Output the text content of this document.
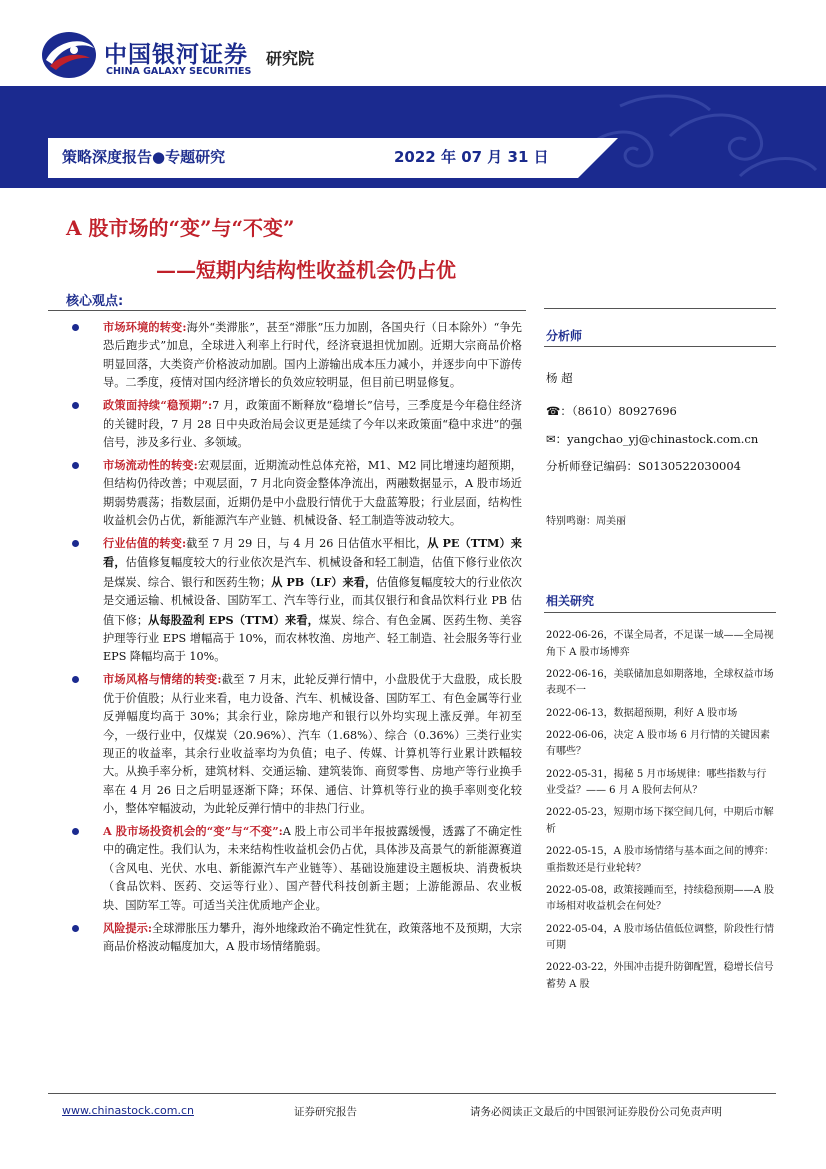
中国银河证券
CHINA GALAXY SECURITIES
研究院
策略深度报告●专题研究	2022 年 07 月 31 日
A 股市场的“变”与“不变”
——短期内结构性收益机会仍占优
核心观点:
市场环境的转变:海外“类滞胀”，甚至“滞胀”压力加剧，各国央行（日本除外）“争先恐后跑步式”加息，全球进入利率上行时代，经济衰退担忧加剧。近期大宗商品价格明显回落，大类资产价格波动加剧。国内上游输出成本压力减小，并逐步向中下游传导。二季度，疫情对国内经济增长的负效应较明显，但目前已明显修复。
政策面持续“稳预期”:7 月，政策面不断释放“稳增长”信号，三季度是今年稳住经济的关键时段，7 月 28 日中央政治局会议更是延续了今年以来政策面“稳中求进”的强信号，涉及多行业、多领域。
市场流动性的转变:宏观层面，近期流动性总体充裕，M1、M2 同比增速均超预期，但结构仍待改善；中观层面，7 月北向资金整体净流出，两融数据显示，A 股市场近期弱势震荡；指数层面，近期仍是中小盘股行情优于大盘蓝筹股；行业层面，结构性收益机会仍占优，新能源汽车产业链、机械设备、轻工制造等波动较大。
行业估值的转变:截至 7 月 29 日，与 4 月 26 日估值水平相比，从 PE（TTM）来看，估值修复幅度较大的行业依次是汽车、机械设备和轻工制造，估值下修行业依次是煤炭、综合、银行和医药生物；从 PB（LF）来看，估值修复幅度较大的行业依次是交通运输、机械设备、国防军工、汽车等行业，而其仅银行和食品饮料行业 PB 估值下修；从每股盈利 EPS（TTM）来看，煤炭、综合、有色金属、医药生物、美容护理等行业 EPS 增幅高于 10%，而农林牧渔、房地产、轻工制造、社会服务等行业 EPS 降幅均高于 10%。
市场风格与情绪的转变:截至 7 月末，此轮反弹行情中，小盘股优于大盘股，成长股优于价值股；从行业来看，电力设备、汽车、机械设备、国防军工、有色金属等行业反弹幅度均高于 30%；其余行业，除房地产和银行以外均实现上涨反弹。年初至今，一级行业中，仅煤炭（20.96%）、汽车（1.68%）、综合（0.36%）三类行业实现正的收益率，其余行业收益率均为负值；电子、传媒、计算机等行业累计跌幅较大。从换手率分析，建筑材料、交通运输、建筑装饰、商贸零售、房地产等行业换手率在 4 月 26 日之后明显逐渐下降；环保、通信、计算机等行业的换手率则变化较小，整体窄幅波动，为此轮反弹行情中的非热门行业。
A 股市场投资机会的“变”与“不变”:A 股上市公司半年报披露缓慢，透露了不确定性中的确定性。我们认为，未来结构性收益机会仍占优，具体涉及高景气的新能源赛道（含风电、光伏、水电、新能源汽车产业链等）、基础设施建设主题板块、消费板块（食品饮料、医药、交运等行业）、国产替代科技创新主题；上游能源品、农业板块、国防军工等。可适当关注优质地产企业。
风险提示:全球滞胀压力攀升，海外地缘政治不确定性犹在，政策落地不及预期，大宗商品价格波动幅度加大，A 股市场情绪脆弱。
分析师
杨 超
☎：（8610）80927696
✉：yangchao_yj@chinastock.com.cn
分析师登记编码：S0130522030004
特别鸣谢：周美丽
相关研究
2022-06-26，不谋全局者，不足谋一域——全局视角下 A 股市场博弈
2022-06-16，美联储加息如期落地，全球权益市场表现不一
2022-06-13，数据超预期，利好 A 股市场
2022-06-06，决定 A 股市场 6 月行情的关键因素有哪些？
2022-05-31，揭秘 5 月市场规律：哪些指数与行业受益？—— 6 月 A 股何去何从？
2022-05-23，短期市场下探空间几何，中期后市解析
2022-05-15，A 股市场情绪与基本面之间的博弈：重指数还是行业轮转？
2022-05-08，政策接踵而至，持续稳预期——A 股市场相对收益机会在何处？
2022-05-04，A 股市场估值低位调整，阶段性行情可期
2022-03-22，外围冲击提升防御配置，稳增长信号蓄势 A 股
www.chinastock.com.cn	证券研究报告	请务必阅读正文最后的中国银河证券股份公司免责声明
